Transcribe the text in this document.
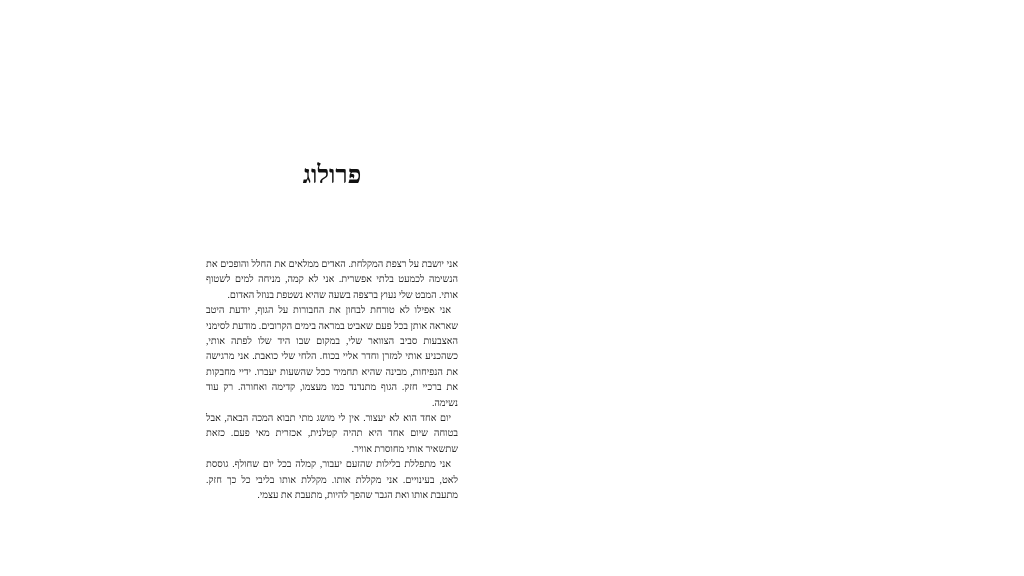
פרולוג

אני יושבת על רצפת המקלחת. האדים ממלאים את החלל והופכים את הנשימה לכמעט בלתי אפשרית. אני לא קמה, מניחה למים לשטוף אותי. המבט שלי נעוץ ברצפה בשעה שהיא נשטפת בנוזל האדום.

אני אפילו לא טורחת לבחון את החבורות על הגוף, יודעת היטב שאראה אותן בכל פעם שאביט במראה בימים הקרובים. מודעת לסימני האצבעות סביב הצוואר שלי, במקום שבו היד שלו לפתה אותי, כשהכניע אותי למזרן וחדר אליי בכוח. הלחי שלי כואבת. אני מרגישה את הנפיחות, מבינה שהיא תחמיר ככל שהשעות יעברו. ידיי מחבקות את ברכיי חזק. הגוף מתנדנד כמו מעצמו, קדימה ואחורה. רק עוד נשימה.

יום אחד הוא לא יעצור. אין לי מושג מתי תבוא המכה הבאה, אבל בטוחה שיום אחד היא תהיה קטלנית, אכזרית מאי פעם. כזאת שתשאיר אותי מחוסרת אוויר.

אני מתפללת בלילות שהזעם יעבור, קמלה בכל יום שחולף. גוססת לאט, בעינויים. אני מקללת אותו. מקללת אותו בליבי כל כך חזק. מתעבת אותו ואת הגבר שהפך להיות, מתעבת את עצמי.
